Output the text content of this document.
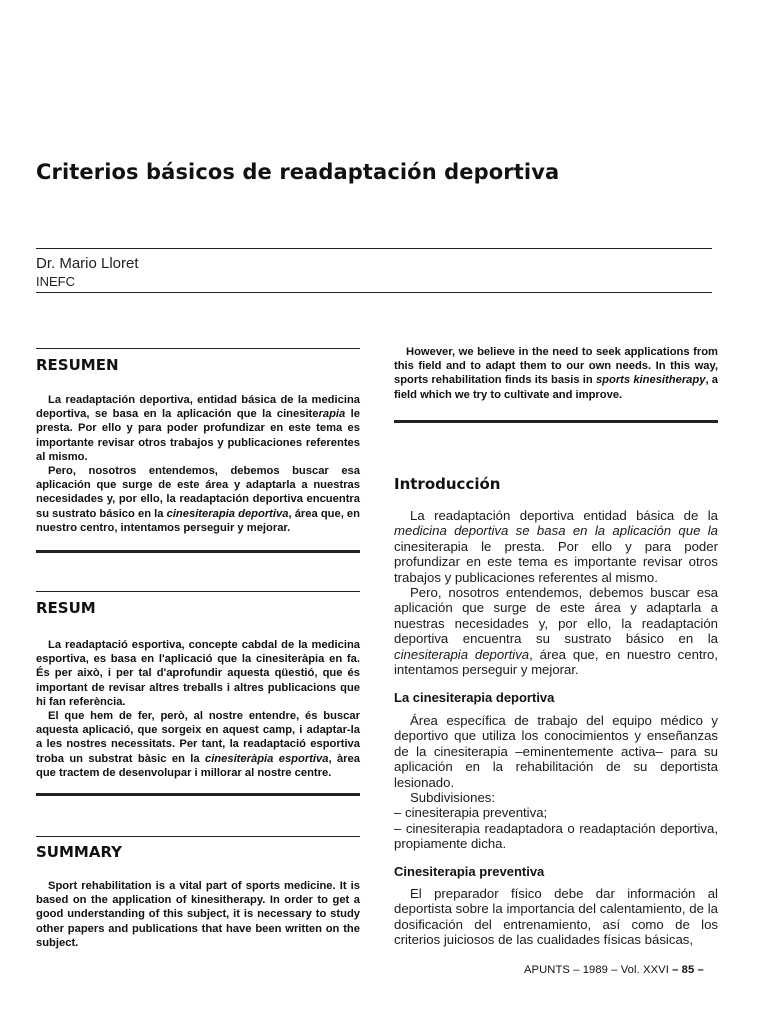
Criterios básicos de readaptación deportiva
Dr. Mario Lloret
INEFC
RESUMEN

La readaptación deportiva, entidad básica de la medicina deportiva, se basa en la aplicación que la cinesiterapia le presta. Por ello y para poder profundizar en este tema es importante revisar otros trabajos y publicaciones referentes al mismo.

Pero, nosotros entendemos, debemos buscar esa aplicación que surge de este área y adaptarla a nuestras necesidades y, por ello, la readaptación deportiva encuentra su sustrato básico en la cinesiterapia deportiva, área que, en nuestro centro, intentamos perseguir y mejorar.

RESUM

La readaptació esportiva, concepte cabdal de la medicina esportiva, es basa en l'aplicació que la cinesiteràpia en fa. És per això, i per tal d'aprofundir aquesta qüestió, que és important de revisar altres treballs i altres publicacions que hi fan referència.

El que hem de fer, però, al nostre entendre, és buscar aquesta aplicació, que sorgeix en aquest camp, i adaptar-la a les nostres necessitats. Per tant, la readaptació esportiva troba un substrat bàsic en la cinesiteràpia esportiva, àrea que tractem de desenvolupar i millorar al nostre centre.

SUMMARY

Sport rehabilitation is a vital part of sports medicine. It is based on the application of kinesitherapy. In order to get a good understanding of this subject, it is necessary to study other papers and publications that have been written on the subject.

However, we believe in the need to seek applications from this field and to adapt them to our own needs. In this way, sports rehabilitation finds its basis in sports kinesitherapy, a field which we try to cultivate and improve.

Introducción

La readaptación deportiva entidad básica de la medicina deportiva se basa en la aplicación que la cinesiterapia le presta. Por ello y para poder profundizar en este tema es importante revisar otros trabajos y publicaciones referentes al mismo.

Pero, nosotros entendemos, debemos buscar esa aplicación que surge de este área y adaptarla a nuestras necesidades y, por ello, la readaptación deportiva encuentra su sustrato básico en la cinesiterapia deportiva, área que, en nuestro centro, intentamos perseguir y mejorar.

La cinesiterapia deportiva

Área específica de trabajo del equipo médico y deportivo que utiliza los conocimientos y enseñanzas de la cinesiterapia –eminentemente activa– para su aplicación en la rehabilitación de su deportista lesionado.

Subdivisiones:

– cinesiterapia preventiva;

– cinesiterapia readaptadora o readaptación deportiva, propiamente dicha.

Cinesiterapia preventiva

El preparador físico debe dar información al deportista sobre la importancia del calentamiento, de la dosificación del entrenamiento, así como de los criterios juiciosos de las cualidades físicas básicas,

APUNTS – 1989 – Vol. XXVI – 85 –
